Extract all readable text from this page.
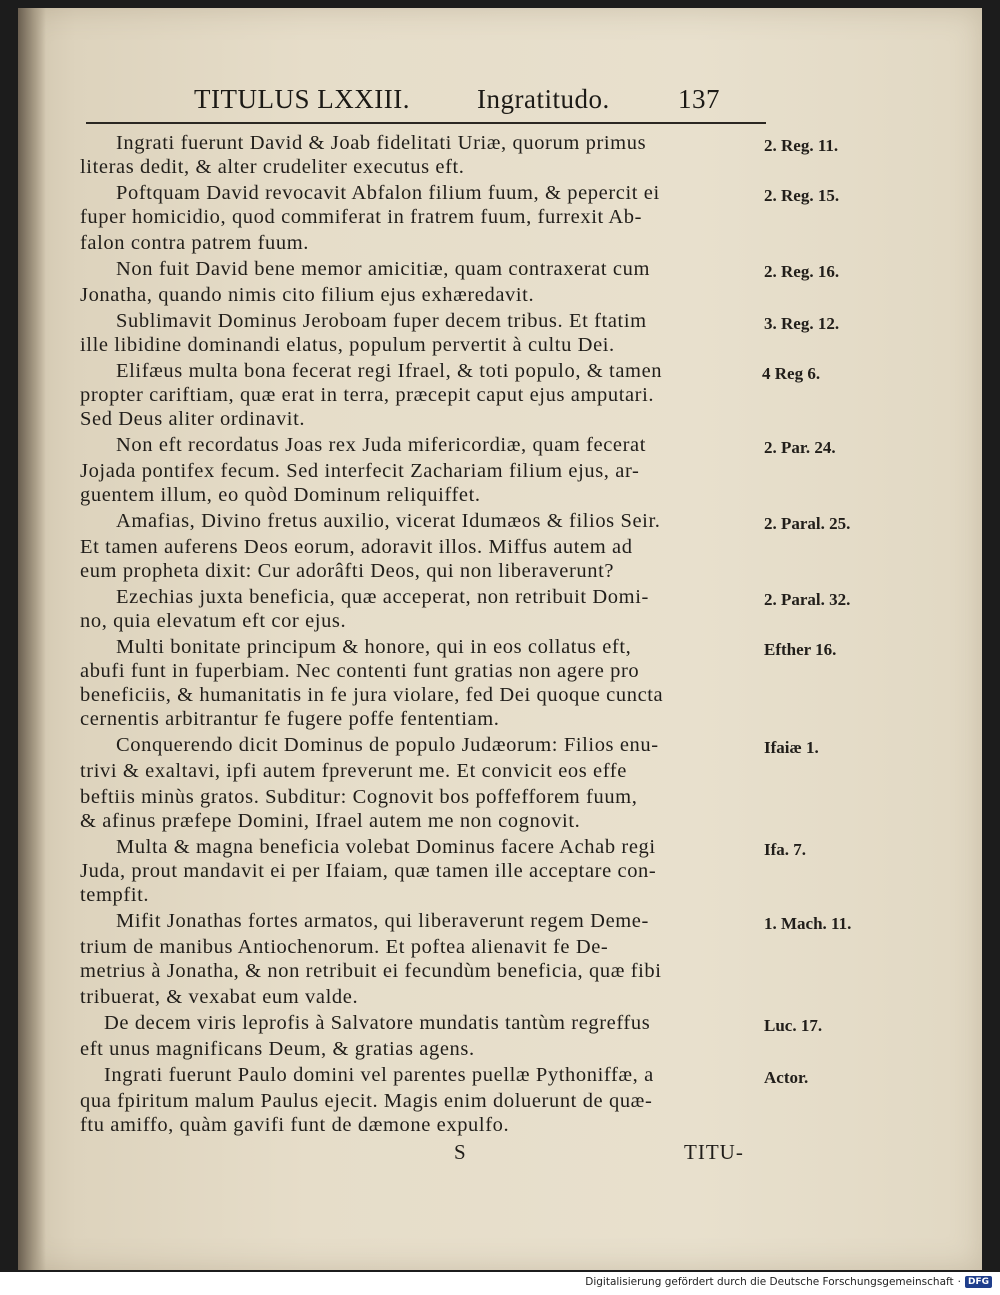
TITULUS LXXIII. Ingratitudo.	137
Ingrati fuerunt David & Joab fidelitati Uriæ, quorum primus
literas dedit, & alter crudeliter executus eft.
Poftquam David revocavit Abfalon filium fuum, & pepercit ei
fuper homicidio, quod commiferat in fratrem fuum, furrexit Ab-
falon contra patrem fuum.
Non fuit David bene memor amicitiæ, quam contraxerat cum
Jonatha, quando nimis cito filium ejus exhæredavit.
Sublimavit Dominus Jeroboam fuper decem tribus. Et ftatim
ille libidine dominandi elatus, populum pervertit à cultu Dei.
Elifæus multa bona fecerat regi Ifrael, & toti populo, & tamen
propter cariftiam, quæ erat in terra, præcepit caput ejus amputari.
Sed Deus aliter ordinavit.
Non eft recordatus Joas rex Juda mifericordiæ, quam fecerat
Jojada pontifex fecum. Sed interfecit Zachariam filium ejus, ar-
guentem illum, eo quòd Dominum reliquiffet.
Amafias, Divino fretus auxilio, vicerat Idumæos & filios Seir.
Et tamen auferens Deos eorum, adoravit illos. Miffus autem ad
eum propheta dixit: Cur adorâfti Deos, qui non liberaverunt?
Ezechias juxta beneficia, quæ acceperat, non retribuit Domi-
no, quia elevatum eft cor ejus.
Multi bonitate principum & honore, qui in eos collatus eft,
abufi funt in fuperbiam. Nec contenti funt gratias non agere pro
beneficiis, & humanitatis in fe jura violare, fed Dei quoque cuncta
cernentis arbitrantur fe fugere poffe fententiam.
Conquerendo dicit Dominus de populo Judæorum: Filios enu-
trivi & exaltavi, ipfi autem fpreverunt me. Et convicit eos effe
beftiis minùs gratos. Subditur: Cognovit bos poffefforem fuum,
& afinus præfepe Domini, Ifrael autem me non cognovit.
Multa & magna beneficia volebat Dominus facere Achab regi
Juda, prout mandavit ei per Ifaiam, quæ tamen ille acceptare con-
tempfit.
Mifit Jonathas fortes armatos, qui liberaverunt regem Deme-
trium de manibus Antiochenorum. Et poftea alienavit fe De-
metrius à Jonatha, & non retribuit ei fecundùm beneficia, quæ fibi
tribuerat, & vexabat eum valde.
De decem viris leprofis à Salvatore mundatis tantùm regreffus
eft unus magnificans Deum, & gratias agens.
Ingrati fuerunt Paulo domini vel parentes puellæ Pythoniffæ, a
qua fpiritum malum Paulus ejecit. Magis enim doluerunt de quæ-
ftu amiffo, quàm gavifi funt de dæmone expulfo.
2. Reg. 11.
2. Reg. 15.
2. Reg. 16.
3. Reg. 12.
4 Reg 6.
2. Par. 24.
2. Paral. 25.
2. Paral. 32.
Efther 16.
Ifaiæ 1.
Ifa. 7.
1. Mach. 11.
Luc. 17.
Actor.
S	TITU-
Digitalisierung gefördert durch die Deutsche Forschungsgemeinschaft · DFG
